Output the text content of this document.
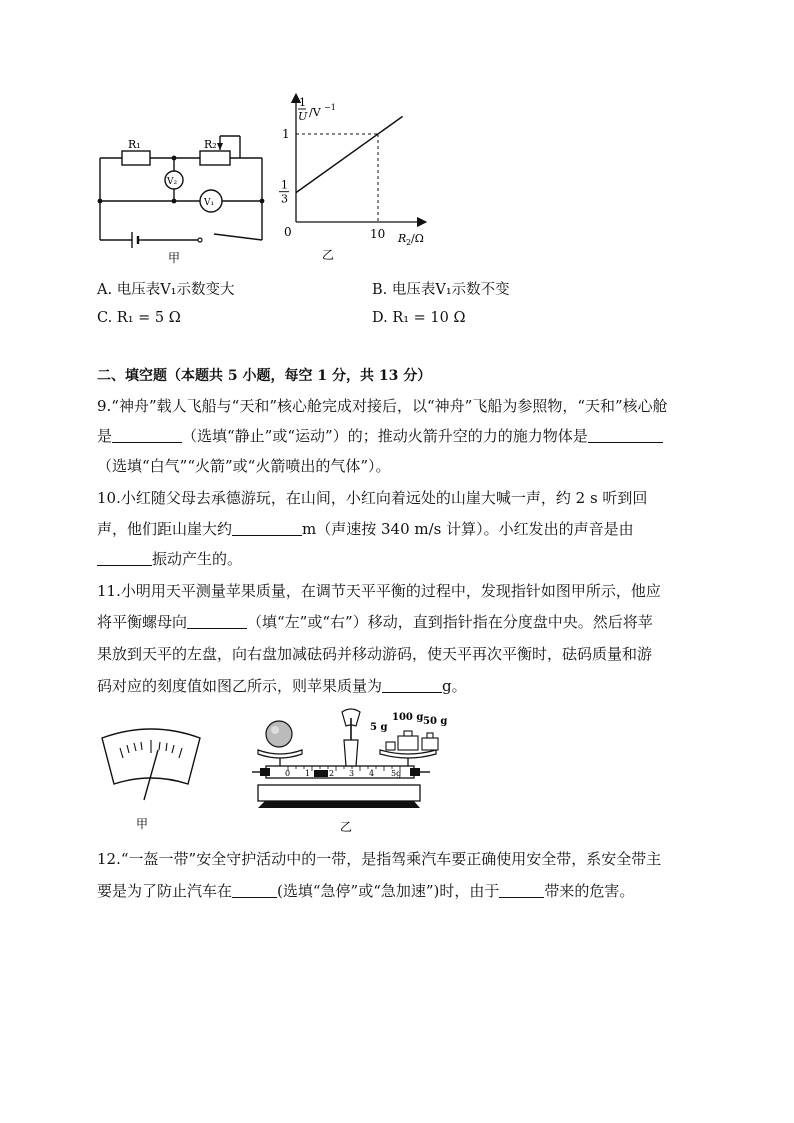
R₁	R₂
V₂
V₁
甲
1
U /V −1
1
1
3
0	10 R 2 /Ω
乙
A. 电压表V₁示数变大	B. 电压表V₁示数不变
C. R₁ = 5 Ω	D. R₁ = 10 Ω
二、填空题（本题共 5 小题，每空 1 分，共 13 分）
9.“神舟”载人飞船与“天和”核心舱完成对接后，以“神舟”飞船为参照物，“天和”核心舱
是	（选填“静止”或“运动”）的；推动火箭升空的力的施力物体是
（选填“白气”“火箭”或“火箭喷出的气体”）。
10.小红随父母去承德游玩，在山间，小红向着远处的山崖大喊一声，约 2 s 听到回
声，他们距山崖大约	m（声速按 340 m/s 计算）。小红发出的声音是由
振动产生的。
11.小明用天平测量苹果质量，在调节天平平衡的过程中，发现指针如图甲所示，他应
将平衡螺母向	（填“左”或“右”）移动，直到指针指在分度盘中央。然后将苹
果放到天平的左盘，向右盘加减砝码并移动游码，使天平再次平衡时，砝码质量和游
码对应的刻度值如图乙所示，则苹果质量为	g。
甲
5 g
100 g 50 g
0 1 2 3 4 5g
乙
12.“一盔一带”安全守护活动中的一带，是指驾乘汽车要正确使用安全带，系安全带主
要是为了防止汽车在	(选填“急停”或“急加速”)时，由于	带来的危害。
